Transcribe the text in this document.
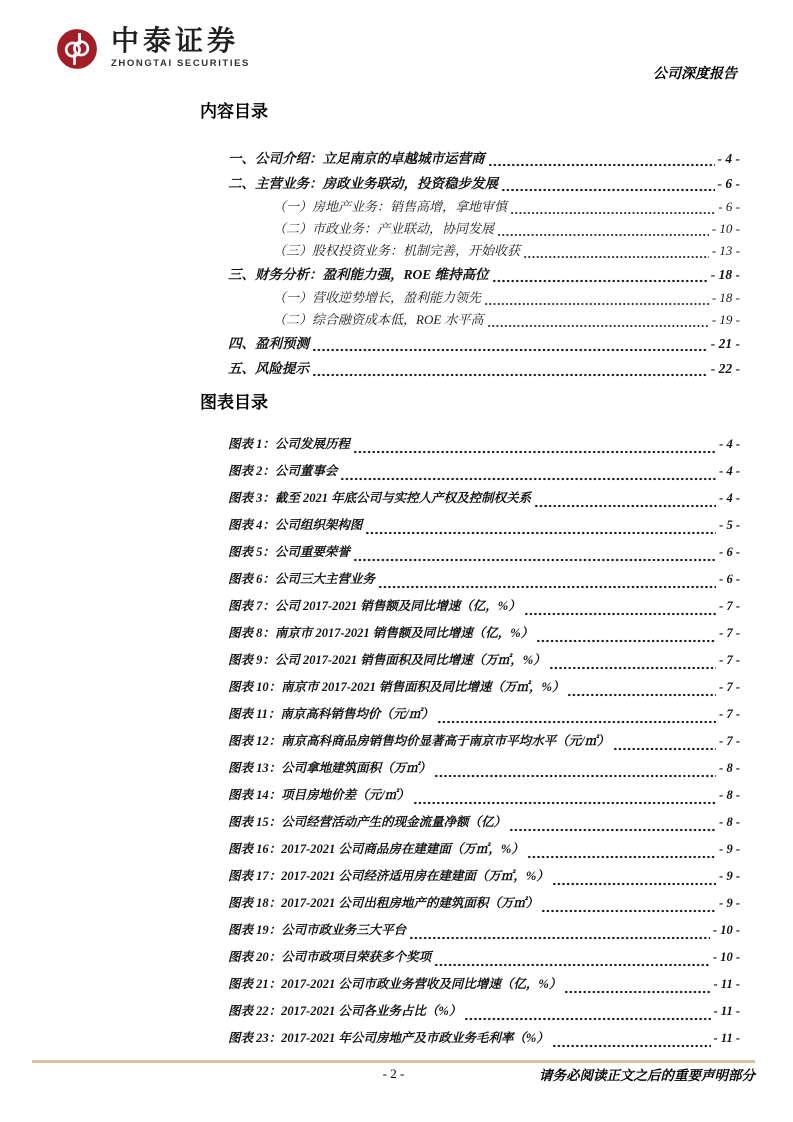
中泰证券
ZHONGTAI SECURITIES
公司深度报告
内容目录
一、公司介绍：立足南京的卓越城市运营商	- 4 -
二、主营业务：房政业务联动，投资稳步发展	- 6 -
（一）房地产业务：销售高增，拿地审慎	- 6 -
（二）市政业务：产业联动，协同发展	- 10 -
（三）股权投资业务：机制完善，开始收获	- 13 -
三、财务分析：盈利能力强，ROE 维持高位	- 18 -
（一）营收逆势增长，盈利能力领先	- 18 -
（二）综合融资成本低，ROE 水平高	- 19 -
四、盈利预测	- 21 -
五、风险提示	- 22 -
图表目录
图表 1：公司发展历程	- 4 -
图表 2：公司董事会	- 4 -
图表 3：截至 2021 年底公司与实控人产权及控制权关系	- 4 -
图表 4：公司组织架构图	- 5 -
图表 5：公司重要荣誉	- 6 -
图表 6：公司三大主营业务	- 6 -
图表 7：公司 2017-2021 销售额及同比增速（亿，%）	- 7 -
图表 8：南京市 2017-2021 销售额及同比增速（亿，%）	- 7 -
图表 9：公司 2017-2021 销售面积及同比增速（万㎡，%）	- 7 -
图表 10：南京市 2017-2021 销售面积及同比增速（万㎡，%）	- 7 -
图表 11：南京高科销售均价（元/㎡）	- 7 -
图表 12：南京高科商品房销售均价显著高于南京市平均水平（元/㎡）	- 7 -
图表 13：公司拿地建筑面积（万㎡）	- 8 -
图表 14：项目房地价差（元/㎡）	- 8 -
图表 15：公司经营活动产生的现金流量净额（亿）	- 8 -
图表 16：2017-2021 公司商品房在建建面（万㎡，%）	- 9 -
图表 17：2017-2021 公司经济适用房在建建面（万㎡，%）	- 9 -
图表 18：2017-2021 公司出租房地产的建筑面积（万㎡）	- 9 -
图表 19：公司市政业务三大平台	- 10 -
图表 20：公司市政项目荣获多个奖项	- 10 -
图表 21：2017-2021 公司市政业务营收及同比增速（亿，%）	- 11 -
图表 22：2017-2021 公司各业务占比（%）	- 11 -
图表 23：2017-2021 年公司房地产及市政业务毛利率（%）	- 11 -
- 2 -	请务必阅读正文之后的重要声明部分
